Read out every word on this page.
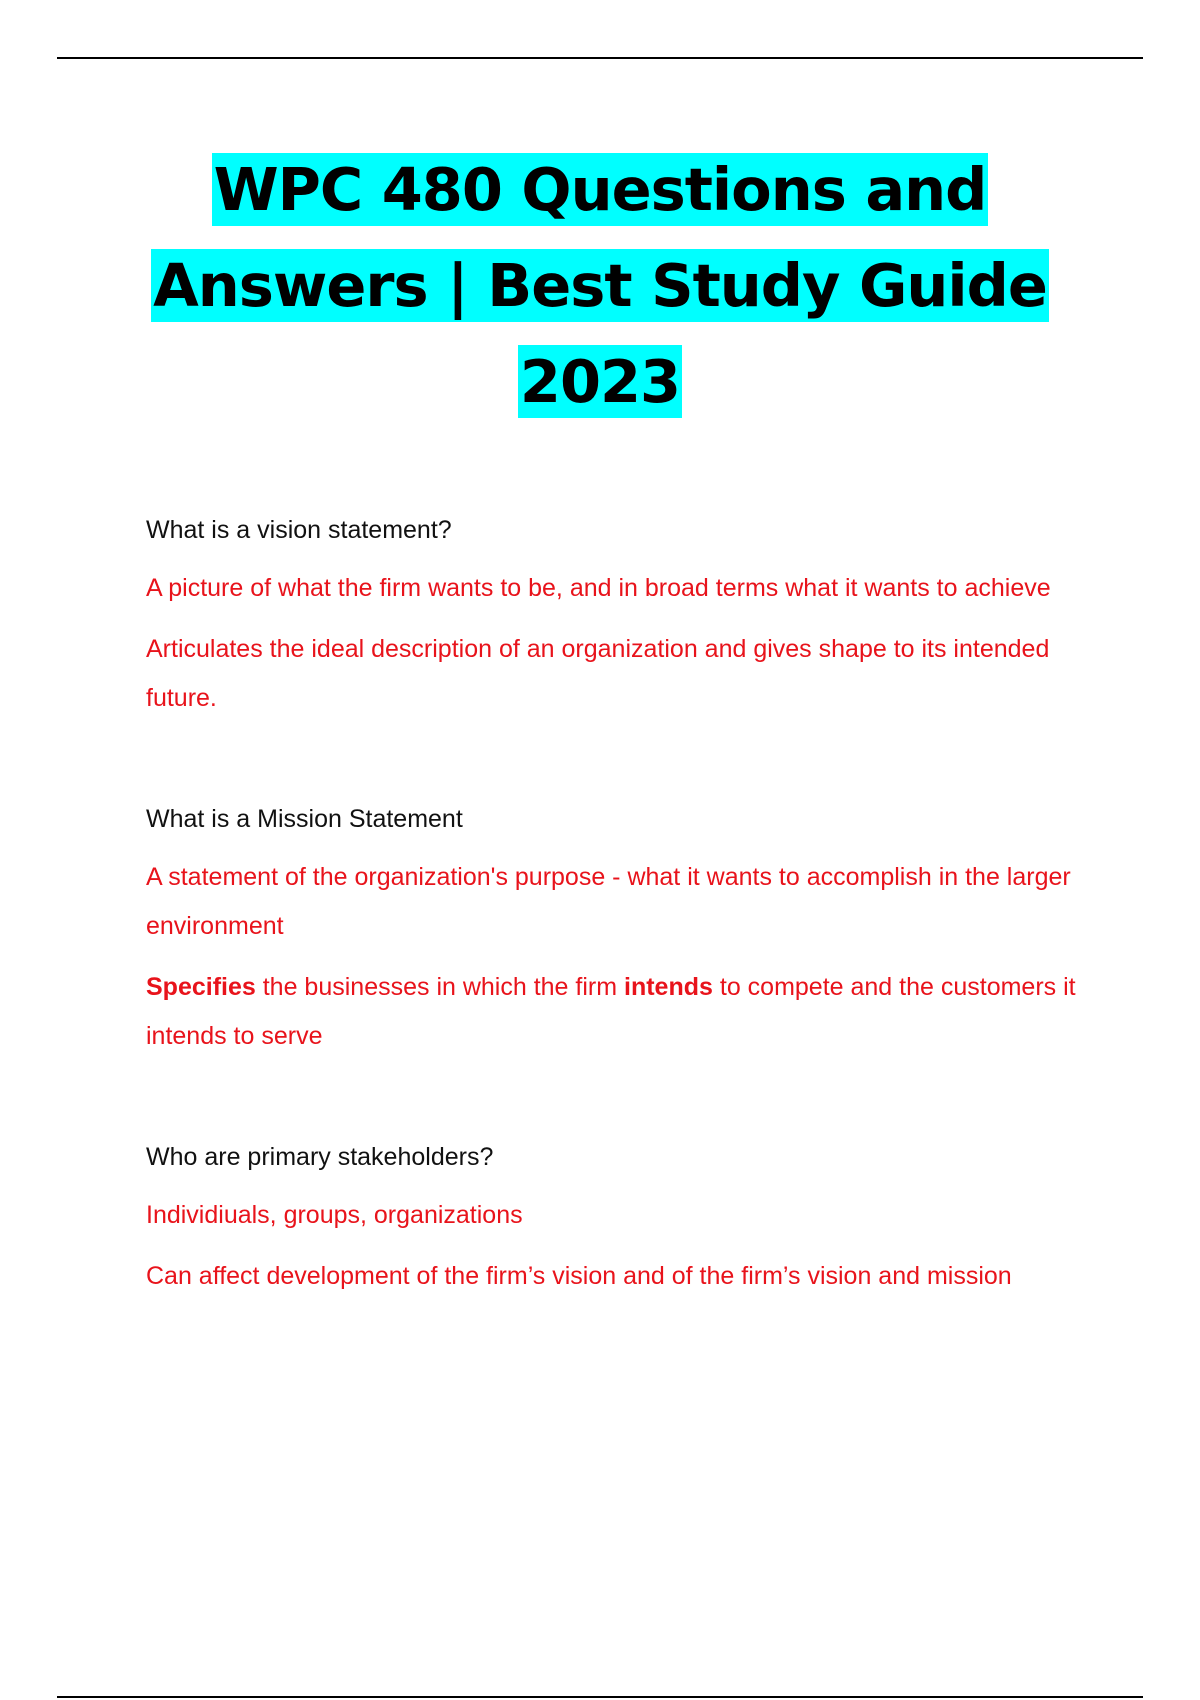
WPC 480 Questions and
Answers | Best Study Guide
2023

What is a vision statement?

A picture of what the firm wants to be, and in broad terms what it wants to achieve

Articulates the ideal description of an organization and gives shape to its intended future.

What is a Mission Statement

A statement of the organization's purpose - what it wants to accomplish in the larger environment

Specifies the businesses in which the firm intends to compete and the customers it intends to serve

Who are primary stakeholders?

Individiuals, groups, organizations

Can affect development of the firm’s vision and of the firm’s vision and mission
